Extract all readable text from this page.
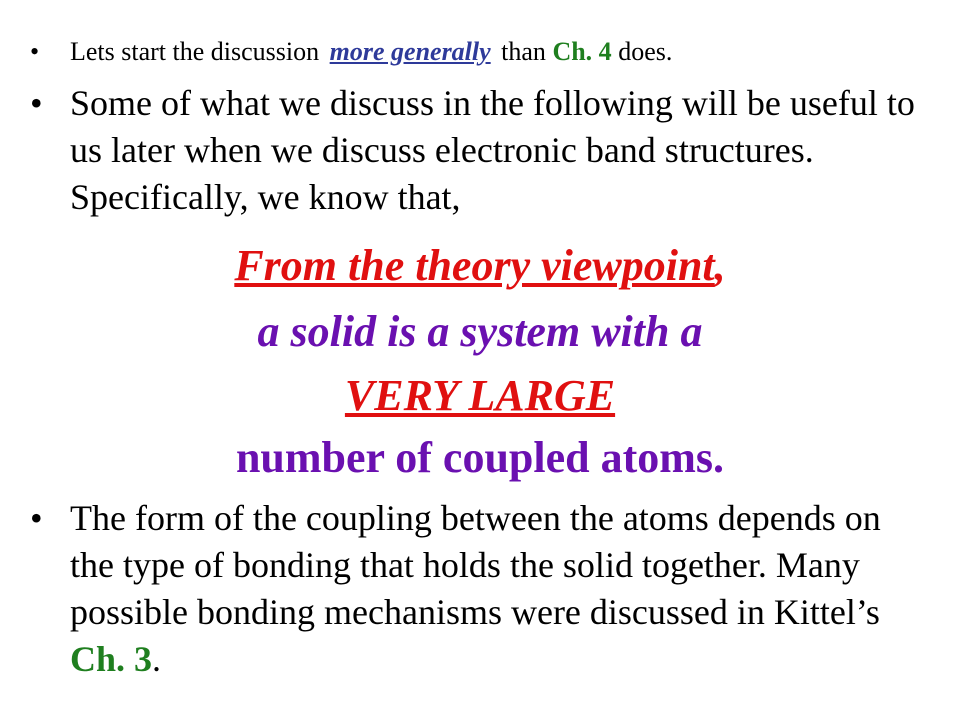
•	Lets start the discussion more generally than Ch. 4 does.
• Some of what we discuss in the following will be useful to us later when we discuss electronic band structures. Specifically, we know that,
From the theory viewpoint,
a solid is a system with a
VERY LARGE
number of coupled atoms.
• The form of the coupling between the atoms depends on the type of bonding that holds the solid together. Many possible bonding mechanisms were discussed in Kittel’s Ch. 3.
